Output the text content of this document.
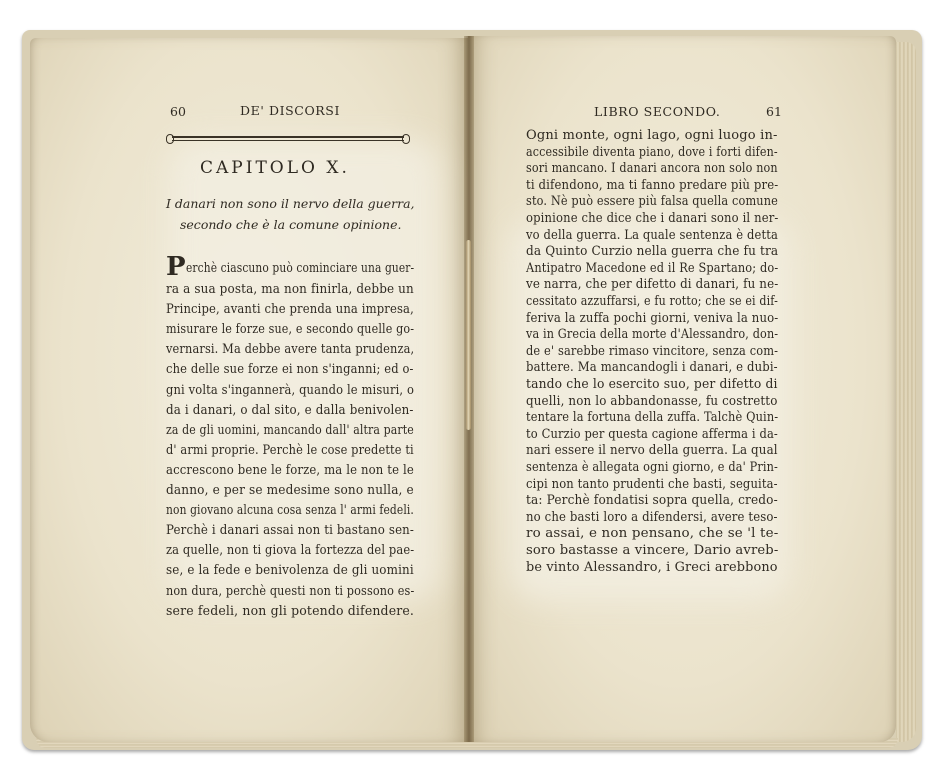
60	DE' DISCORSI
CAPITOLO X.
I danari non sono il nervo della guerra,
secondo che è la comune opinione.
P erchè ciascuno può cominciare una guer-
ra a sua posta, ma non finirla, debbe un
Principe, avanti che prenda una impresa,
misurare le forze sue, e secondo quelle go-
vernarsi. Ma debbe avere tanta prudenza,
che delle sue forze ei non s'inganni; ed o-
gni volta s'ingannerà, quando le misuri, o
da i danari, o dal sito, e dalla benivolen-
za de gli uomini, mancando dall' altra parte
d' armi proprie. Perchè le cose predette ti
accrescono bene le forze, ma le non te le
danno, e per se medesime sono nulla, e
non giovano alcuna cosa senza l' armi fedeli.
Perchè i danari assai non ti bastano sen-
za quelle, non ti giova la fortezza del pae-
se, e la fede e benivolenza de gli uomini
non dura, perchè questi non ti possono es-
sere fedeli, non gli potendo difendere.
LIBRO SECONDO.	61
Ogni monte, ogni lago, ogni luogo in-
accessibile diventa piano, dove i forti difen-
sori mancano. I danari ancora non solo non
ti difendono, ma ti fanno predare più pre-
sto. Nè può essere più falsa quella comune
opinione che dice che i danari sono il ner-
vo della guerra. La quale sentenza è detta
da Quinto Curzio nella guerra che fu tra
Antipatro Macedone ed il Re Spartano; do-
ve narra, che per difetto di danari, fu ne-
cessitato azzuffarsi, e fu rotto; che se ei dif-
feriva la zuffa pochi giorni, veniva la nuo-
va in Grecia della morte d'Alessandro, don-
de e' sarebbe rimaso vincitore, senza com-
battere. Ma mancandogli i danari, e dubi-
tando che lo esercito suo, per difetto di
quelli, non lo abbandonasse, fu costretto
tentare la fortuna della zuffa. Talchè Quin-
to Curzio per questa cagione afferma i da-
nari essere il nervo della guerra. La qual
sentenza è allegata ogni giorno, e da' Prin-
cipi non tanto prudenti che basti, seguita-
ta: Perchè fondatisi sopra quella, credo-
no che basti loro a difendersi, avere teso-
ro assai, e non pensano, che se 'l te-
soro bastasse a vincere, Dario avreb-
be vinto Alessandro, i Greci arebbono
